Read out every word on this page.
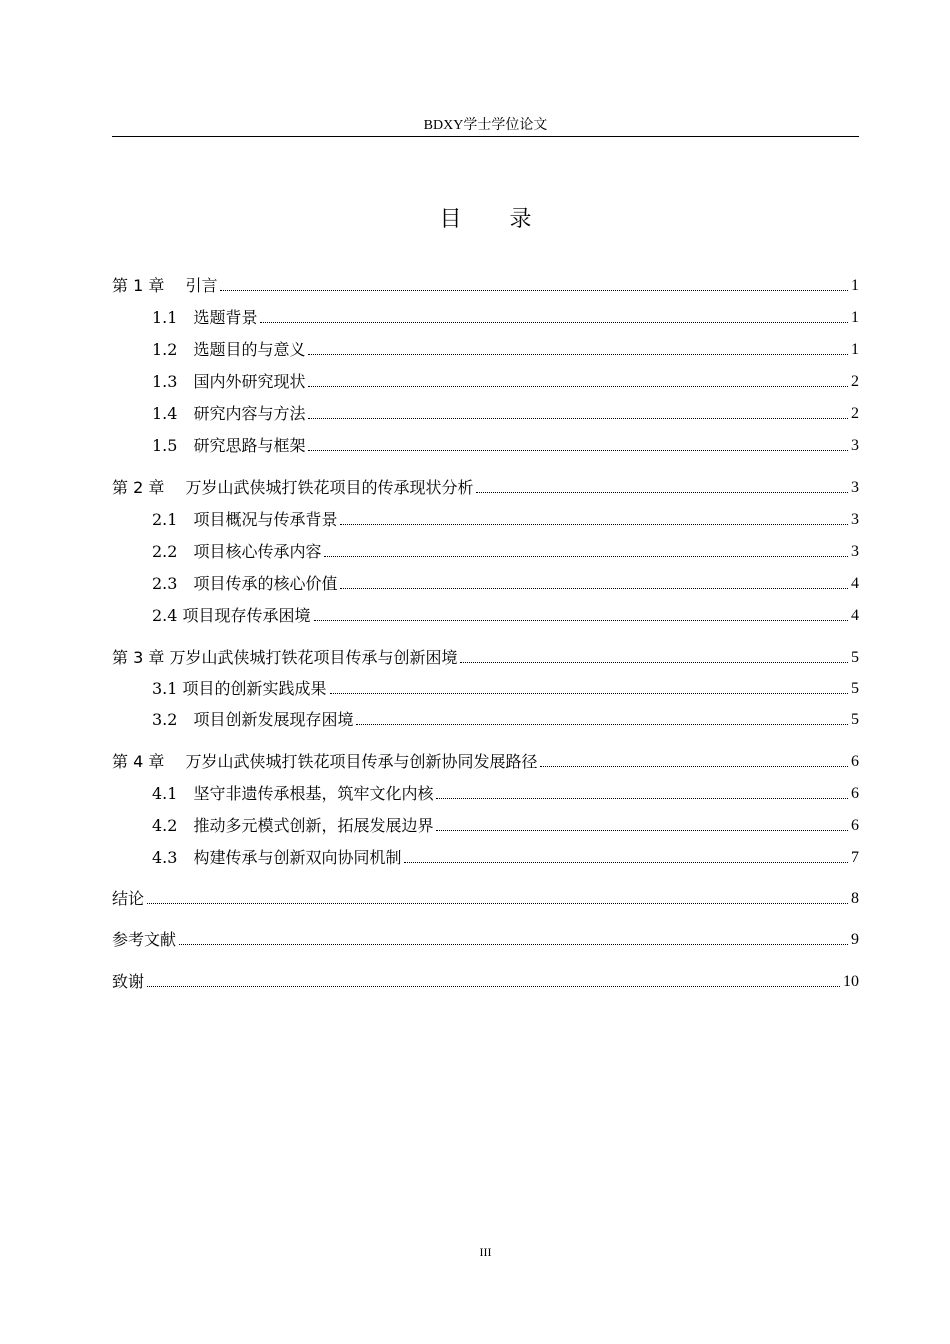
BDXY学士学位论文
目录
第 1 章　 引言	1
1.1　选题背景	1
1.2　选题目的与意义	1
1.3　国内外研究现状	2
1.4　研究内容与方法	2
1.5　研究思路与框架	3
第 2 章　 万岁山武侠城打铁花项目的传承现状分析	3
2.1　项目概况与传承背景	3
2.2　项目核心传承内容	3
2.3　项目传承的核心价值	4
2.4 项目现存传承困境	4
第 3 章 万岁山武侠城打铁花项目传承与创新困境	5
3.1 项目的创新实践成果	5
3.2　项目创新发展现存困境	5
第 4 章　 万岁山武侠城打铁花项目传承与创新协同发展路径	6
4.1　坚守非遗传承根基，筑牢文化内核	6
4.2　推动多元模式创新，拓展发展边界	6
4.3　构建传承与创新双向协同机制	7
结论	8
参考文献	9
致谢	10
III
